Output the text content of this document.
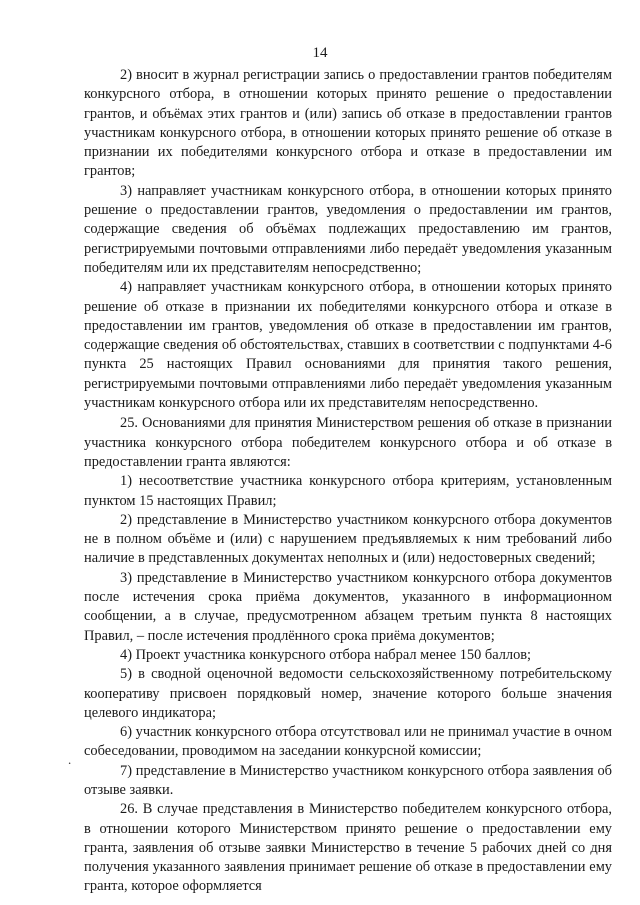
14

2) вносит в журнал регистрации запись о предоставлении грантов победителям конкурсного отбора, в отношении которых принято решение о предоставлении грантов, и объёмах этих грантов и (или) запись об отказе в предоставлении грантов участникам конкурсного отбора, в отношении которых принято решение об отказе в признании их победителями конкурсного отбора и отказе в предоставлении им грантов;

3) направляет участникам конкурсного отбора, в отношении которых принято решение о предоставлении грантов, уведомления о предоставлении им грантов, содержащие сведения об объёмах подлежащих предоставлению им грантов, регистрируемыми почтовыми отправлениями либо передаёт уведомления указанным победителям или их представителям непосредственно;

4) направляет участникам конкурсного отбора, в отношении которых принято решение об отказе в признании их победителями конкурсного отбора и отказе в предоставлении им грантов, уведомления об отказе в предоставлении им грантов, содержащие сведения об обстоятельствах, ставших в соответствии с подпунктами 4-6 пункта 25 настоящих Правил основаниями для принятия такого решения, регистрируемыми почтовыми отправлениями либо передаёт уведомления указанным участникам конкурсного отбора или их представителям непосредственно.

25. Основаниями для принятия Министерством решения об отказе в признании участника конкурсного отбора победителем конкурсного отбора и об отказе в предоставлении гранта являются:

1) несоответствие участника конкурсного отбора критериям, установленным пунктом 15 настоящих Правил;

2) представление в Министерство участником конкурсного отбора документов не в полном объёме и (или) с нарушением предъявляемых к ним требований либо наличие в представленных документах неполных и (или) недостоверных сведений;

3) представление в Министерство участником конкурсного отбора документов после истечения срока приёма документов, указанного в информационном сообщении, а в случае, предусмотренном абзацем третьим пункта 8 настоящих Правил, – после истечения продлённого срока приёма документов;

4) Проект участника конкурсного отбора набрал менее 150 баллов;

5) в сводной оценочной ведомости сельскохозяйственному потребительскому кооперативу присвоен порядковый номер, значение которого больше значения целевого индикатора;

6) участник конкурсного отбора отсутствовал или не принимал участие в очном собеседовании, проводимом на заседании конкурсной комиссии;

7) представление в Министерство участником конкурсного отбора заявления об отзыве заявки.

26. В случае представления в Министерство победителем конкурсного отбора, в отношении которого Министерством принято решение о предоставлении ему гранта, заявления об отзыве заявки Министерство в течение 5 рабочих дней со дня получения указанного заявления принимает решение об отказе в предоставлении ему гранта, которое оформляется

.
